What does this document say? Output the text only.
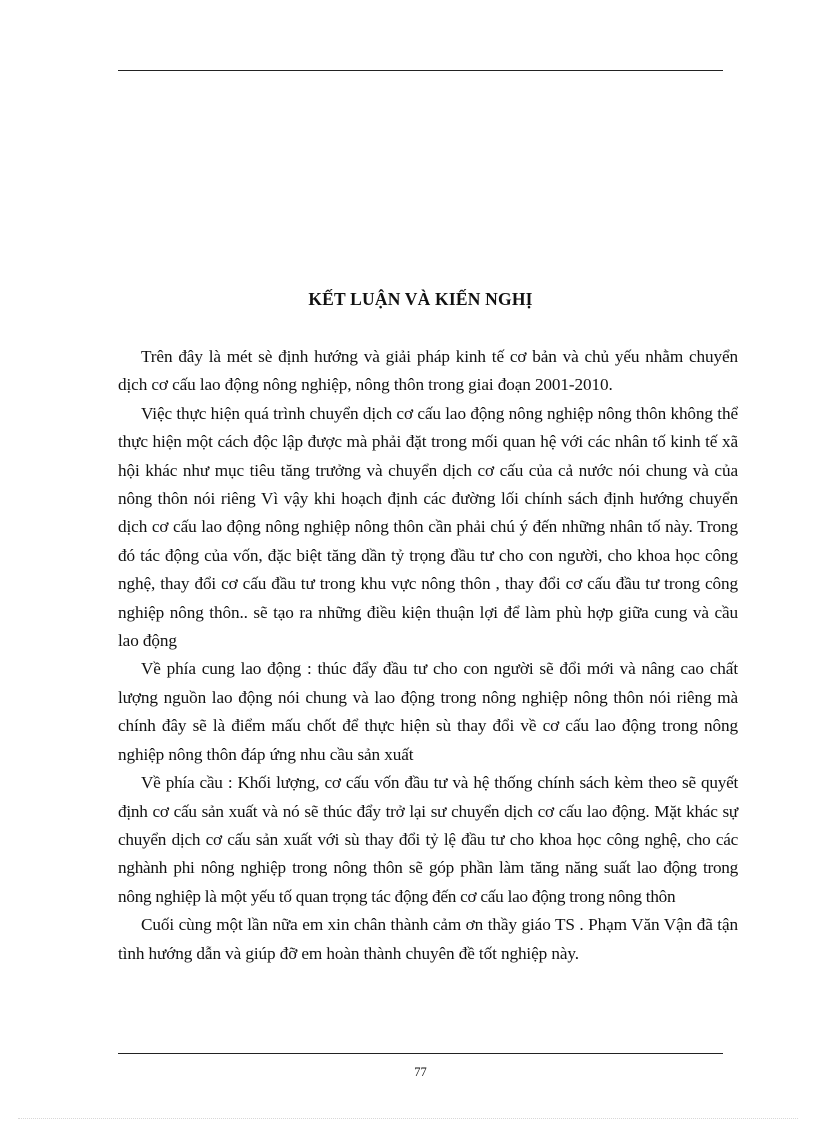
KẾT LUẬN VÀ KIẾN NGHỊ

Trên đây là mét sè định hướng và giải pháp kinh tế cơ bản và chủ yếu nhằm chuyển dịch cơ cấu lao động nông nghiệp, nông thôn trong giai đoạn 2001-2010.

Việc thực hiện quá trình chuyển dịch cơ cấu lao động nông nghiệp nông thôn không thể thực hiện một cách độc lập được mà phải đặt trong mối quan hệ với các nhân tố kinh tế xã hội khác như mục tiêu tăng trưởng và chuyển dịch cơ cấu của cả nước nói chung và của nông thôn nói riêng Vì vậy khi hoạch định các đường lối chính sách định hướng chuyển dịch cơ cấu lao động nông nghiệp nông thôn cần phải chú ý đến những nhân tố này. Trong đó tác động của vốn, đặc biệt tăng dần tỷ trọng đầu tư cho con người, cho khoa học công nghệ, thay đổi cơ cấu đầu tư trong khu vực nông thôn , thay đổi cơ cấu đầu tư trong công nghiệp nông thôn.. sẽ tạo ra những điều kiện thuận lợi để làm phù hợp giữa cung và cầu lao động

Về phía cung lao động : thúc đẩy đầu tư cho con người sẽ đổi mới và nâng cao chất lượng nguồn lao động nói chung và lao động trong nông nghiệp nông thôn nói riêng mà chính đây sẽ là điểm mấu chốt để thực hiện sù thay đổi về cơ cấu lao động trong nông nghiệp nông thôn đáp ứng nhu cầu sản xuất

Về phía cầu : Khối lượng, cơ cấu vốn đầu tư và hệ thống chính sách kèm theo sẽ quyết định cơ cấu sản xuất và nó sẽ thúc đẩy trở lại sư chuyển dịch cơ cấu lao động. Mặt khác sự chuyển dịch cơ cấu sản xuất với sù thay đổi tỷ lệ đầu tư cho khoa học công nghệ, cho các nghành phi nông nghiệp trong nông thôn sẽ góp phần làm tăng năng suất lao động trong nông nghiệp là một yếu tố quan trọng tác động đến cơ cấu lao động trong nông thôn

Cuối cùng một lần nữa em xin chân thành cảm ơn thầy giáo TS . Phạm Văn Vận đã tận tình hướng dẫn và giúp đỡ em hoàn thành chuyên đề tốt nghiệp này.

77
